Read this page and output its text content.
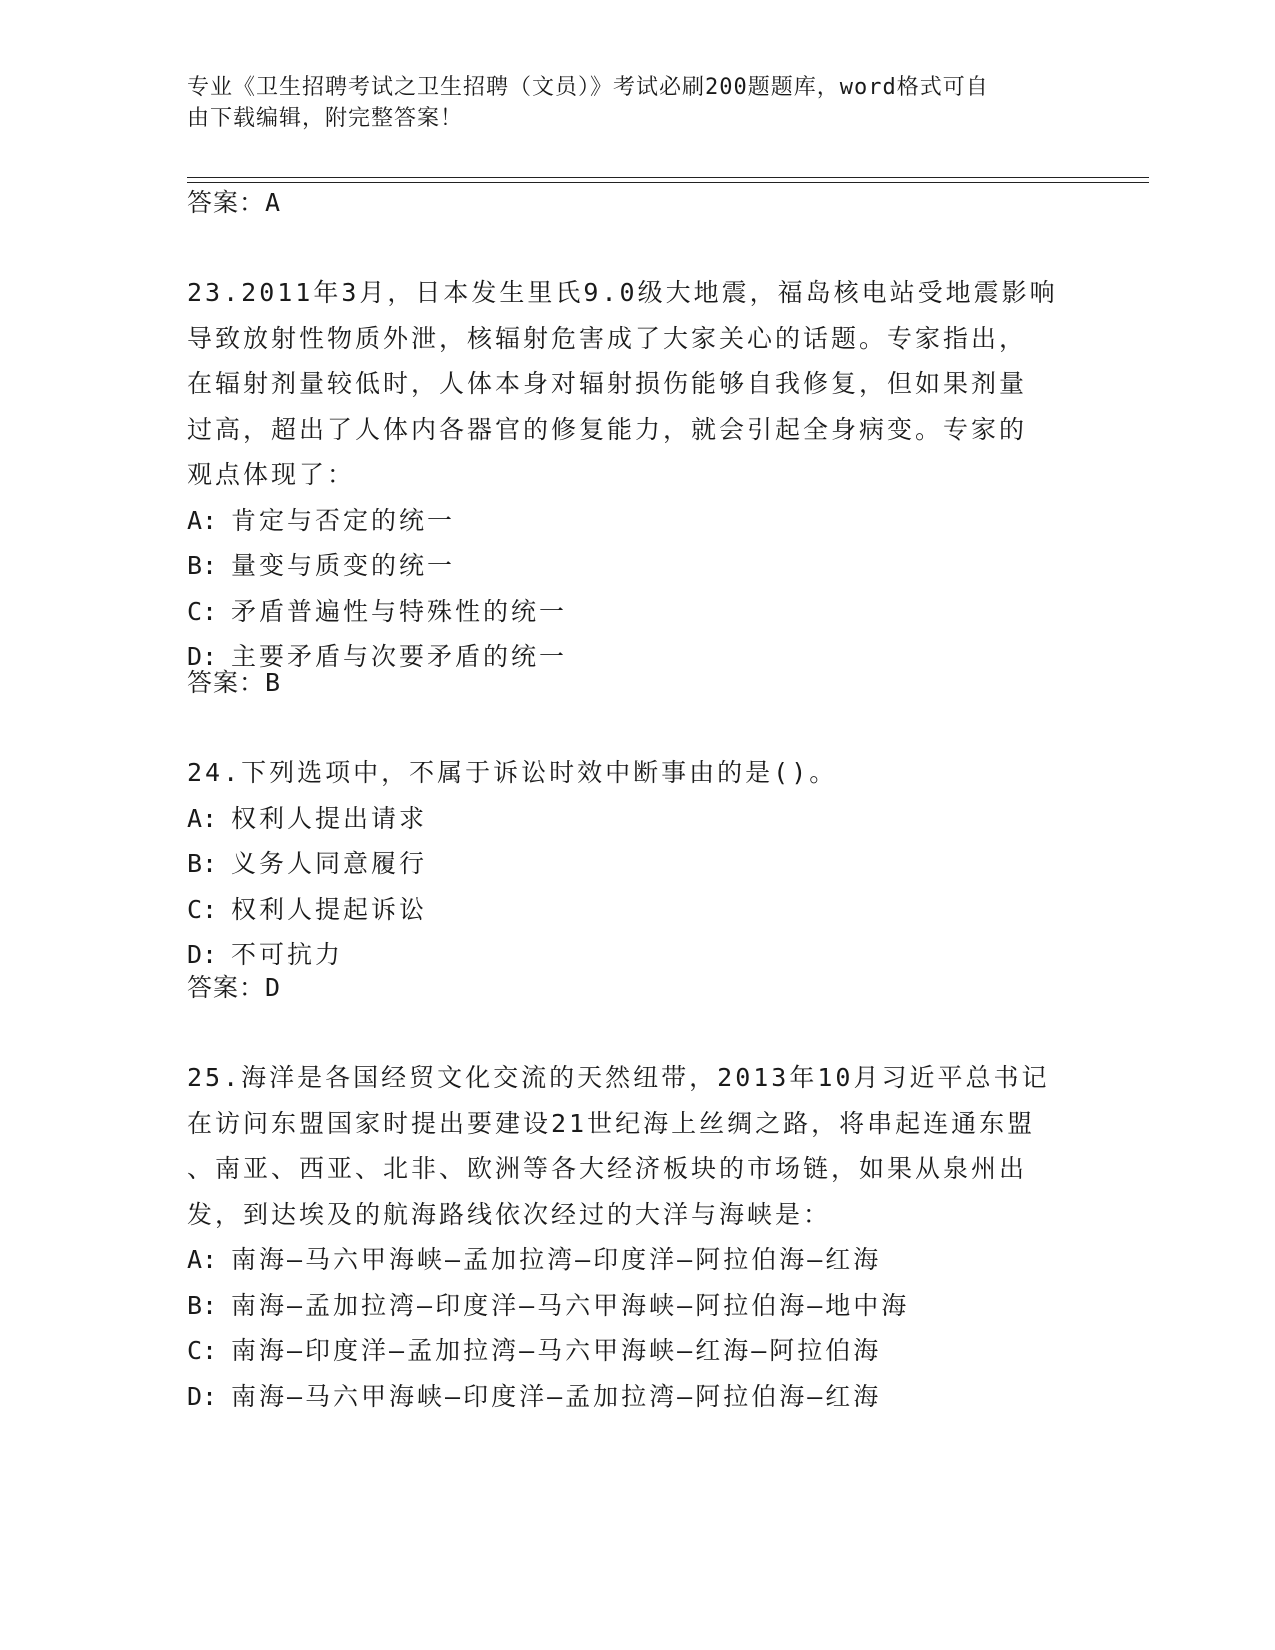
专业《卫生招聘考试之卫生招聘（文员）》考试必刷200题题库，word格式可自
由下载编辑，附完整答案！
答案：A
23.2011年3月，日本发生里氏9.0级大地震，福岛核电站受地震影响
导致放射性物质外泄，核辐射危害成了大家关心的话题。专家指出，
在辐射剂量较低时，人体本身对辐射损伤能够自我修复，但如果剂量
过高，超出了人体内各器官的修复能力，就会引起全身病变。专家的
观点体现了：
A: 肯定与否定的统一
B: 量变与质变的统一
C: 矛盾普遍性与特殊性的统一
D: 主要矛盾与次要矛盾的统一
答案：B
24.下列选项中，不属于诉讼时效中断事由的是()。
A: 权利人提出请求
B: 义务人同意履行
C: 权利人提起诉讼
D: 不可抗力
答案：D
25.海洋是各国经贸文化交流的天然纽带，2013年10月习近平总书记
在访问东盟国家时提出要建设21世纪海上丝绸之路，将串起连通东盟
、南亚、西亚、北非、欧洲等各大经济板块的市场链，如果从泉州出
发，到达埃及的航海路线依次经过的大洋与海峡是：
A: 南海—马六甲海峡—孟加拉湾—印度洋—阿拉伯海—红海
B: 南海—孟加拉湾—印度洋—马六甲海峡—阿拉伯海—地中海
C: 南海—印度洋—孟加拉湾—马六甲海峡—红海—阿拉伯海
D: 南海—马六甲海峡—印度洋—孟加拉湾—阿拉伯海—红海
